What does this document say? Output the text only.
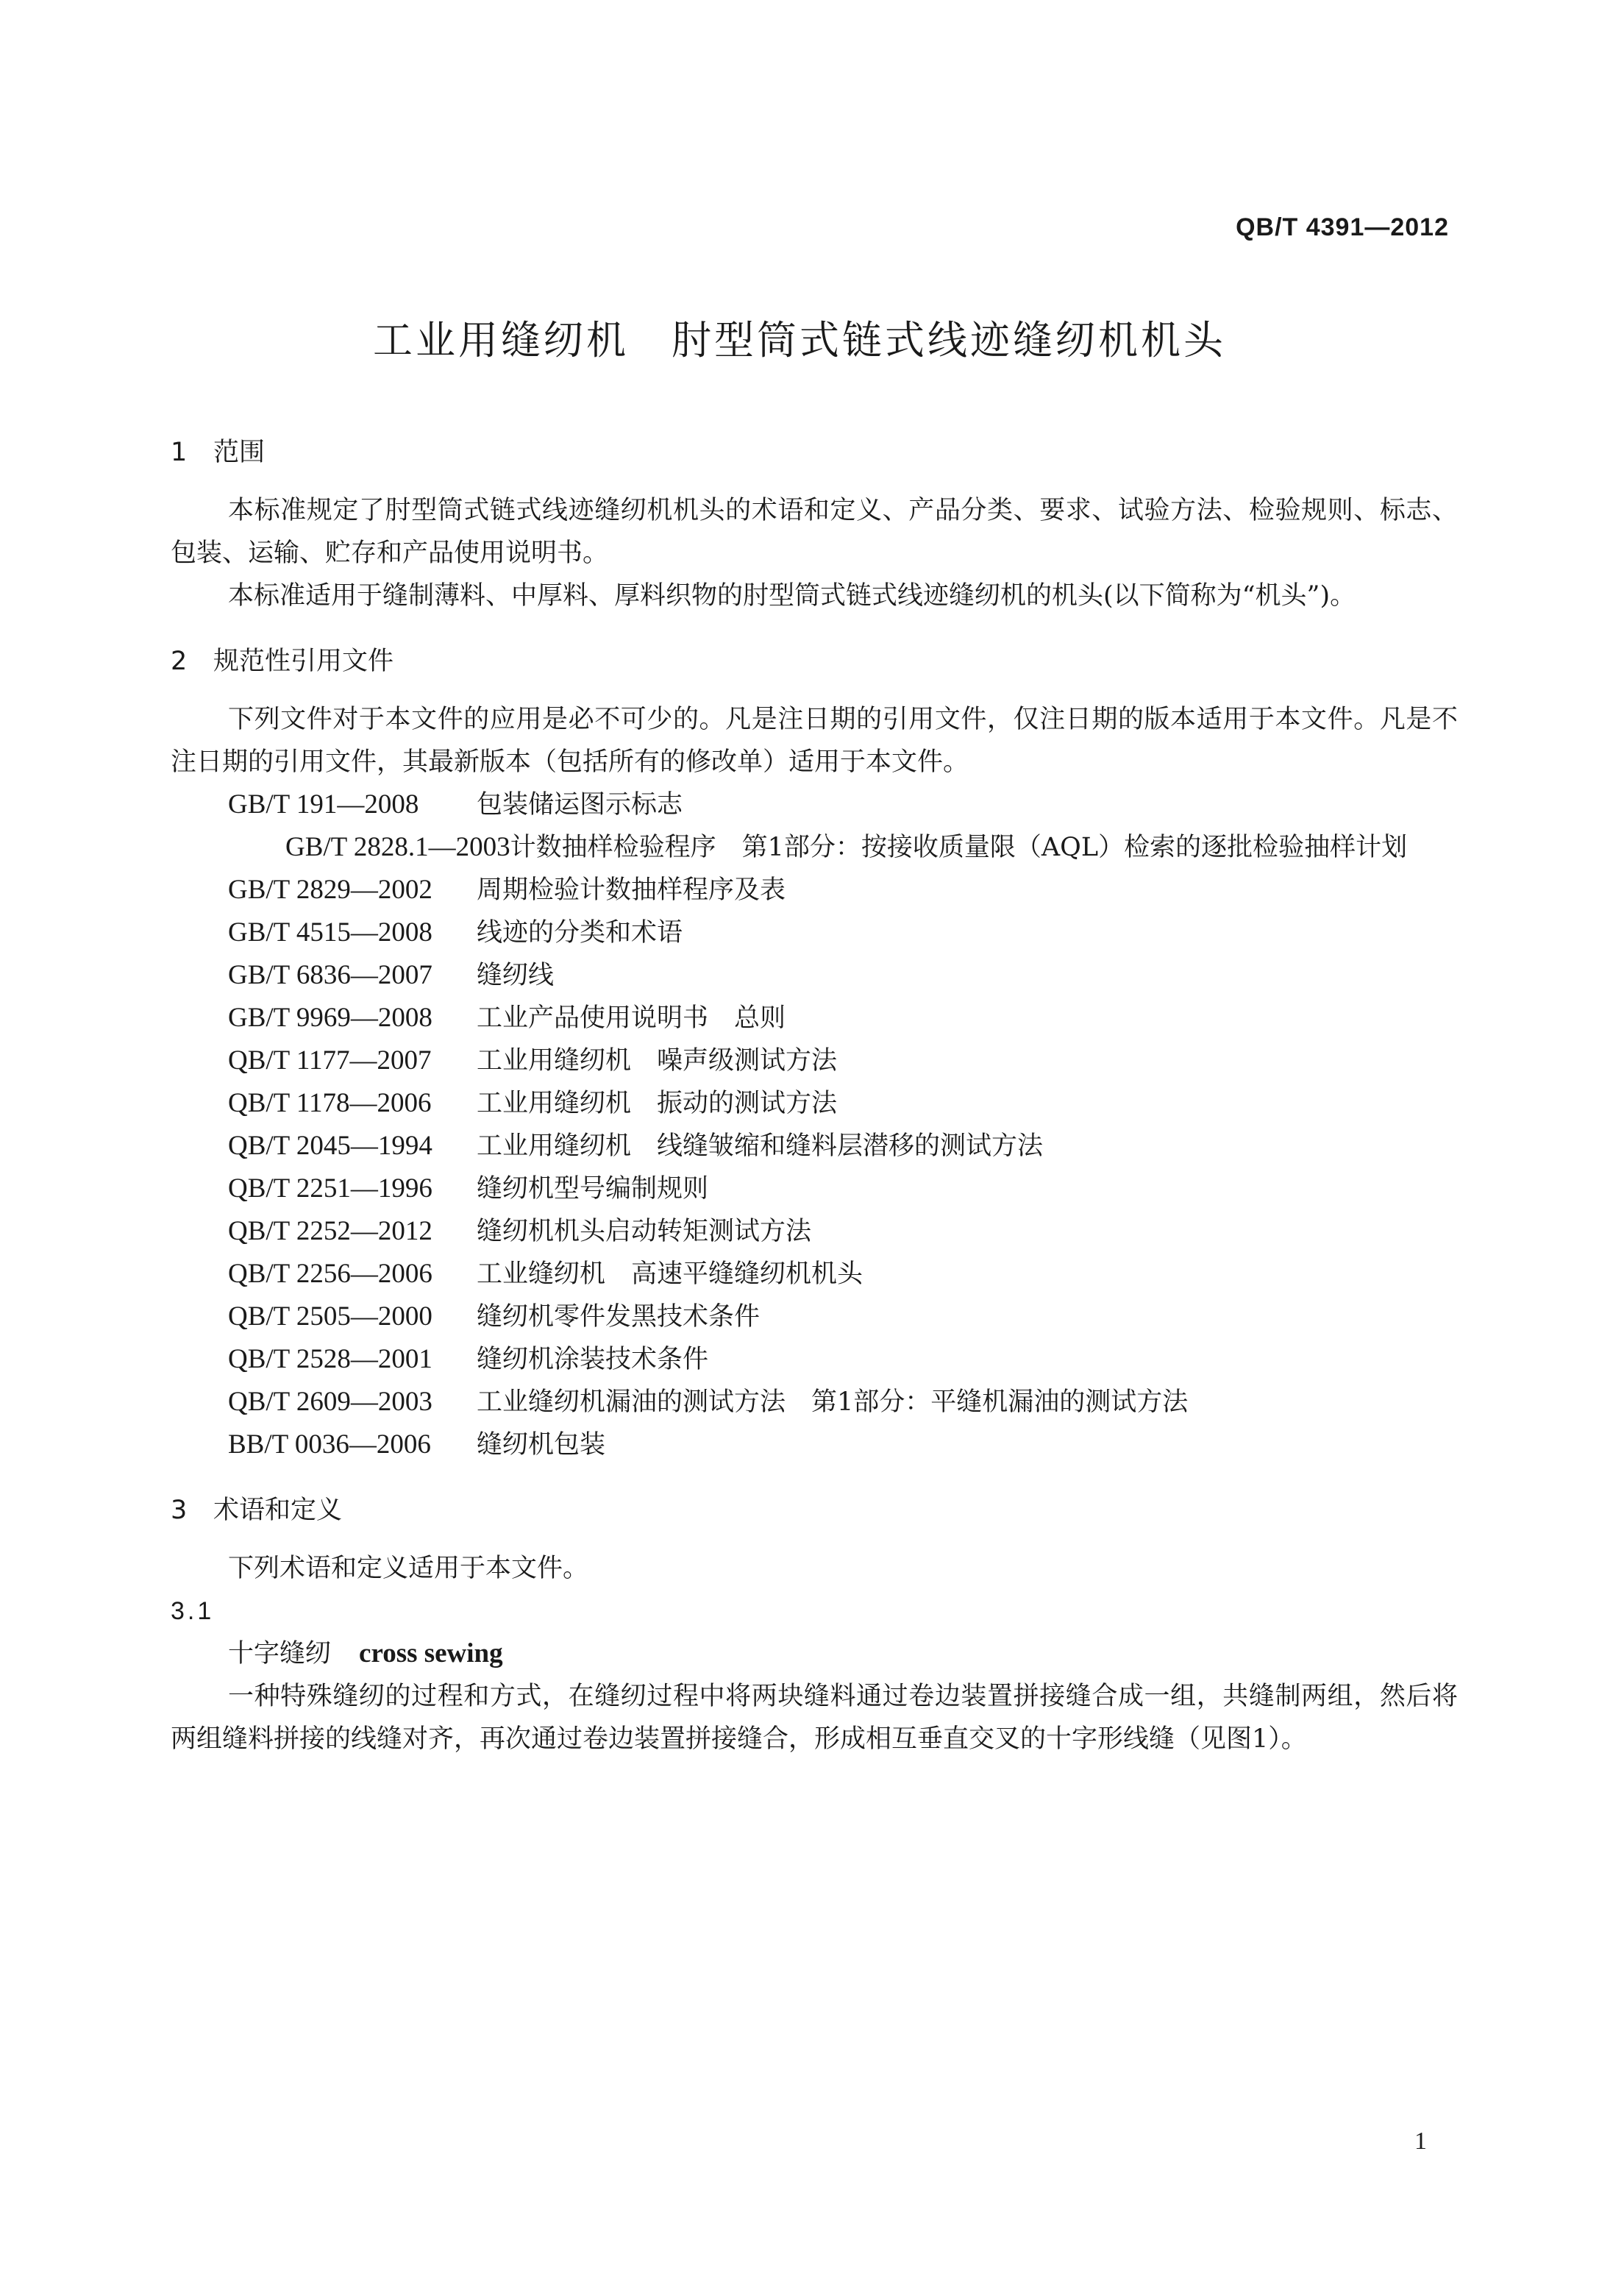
QB/T 4391—2012
工业用缝纫机　肘型筒式链式线迹缝纫机机头
1 范围

本标准规定了肘型筒式链式线迹缝纫机机头的术语和定义、产品分类、要求、试验方法、检验规则、标志、包装、运输、贮存和产品使用说明书。

本标准适用于缝制薄料、中厚料、厚料织物的肘型筒式链式线迹缝纫机的机头(以下简称为“机头”)。

2 规范性引用文件

下列文件对于本文件的应用是必不可少的。凡是注日期的引用文件，仅注日期的版本适用于本文件。凡是不注日期的引用文件，其最新版本（包括所有的修改单）适用于本文件。

GB/T 191—2008 包装储运图示标志

GB/T 2828.1—2003计数抽样检验程序　第1部分：按接收质量限（AQL）检索的逐批检验抽样计划

GB/T 2829—2002 周期检验计数抽样程序及表

GB/T 4515—2008 线迹的分类和术语

GB/T 6836—2007 缝纫线

GB/T 9969—2008 工业产品使用说明书　总则

QB/T 1177—2007 工业用缝纫机　噪声级测试方法

QB/T 1178—2006 工业用缝纫机　振动的测试方法

QB/T 2045—1994 工业用缝纫机　线缝皱缩和缝料层潜移的测试方法

QB/T 2251—1996 缝纫机型号编制规则

QB/T 2252—2012 缝纫机机头启动转矩测试方法

QB/T 2256—2006 工业缝纫机　高速平缝缝纫机机头

QB/T 2505—2000 缝纫机零件发黑技术条件

QB/T 2528—2001 缝纫机涂装技术条件

QB/T 2609—2003 工业缝纫机漏油的测试方法　第1部分：平缝机漏油的测试方法

BB/T 0036—2006 缝纫机包装

3 术语和定义

下列术语和定义适用于本文件。

3.1

十字缝纫 cross sewing

一种特殊缝纫的过程和方式，在缝纫过程中将两块缝料通过卷边装置拼接缝合成一组，共缝制两组，然后将两组缝料拼接的线缝对齐，再次通过卷边装置拼接缝合，形成相互垂直交叉的十字形线缝（见图1）。

1
